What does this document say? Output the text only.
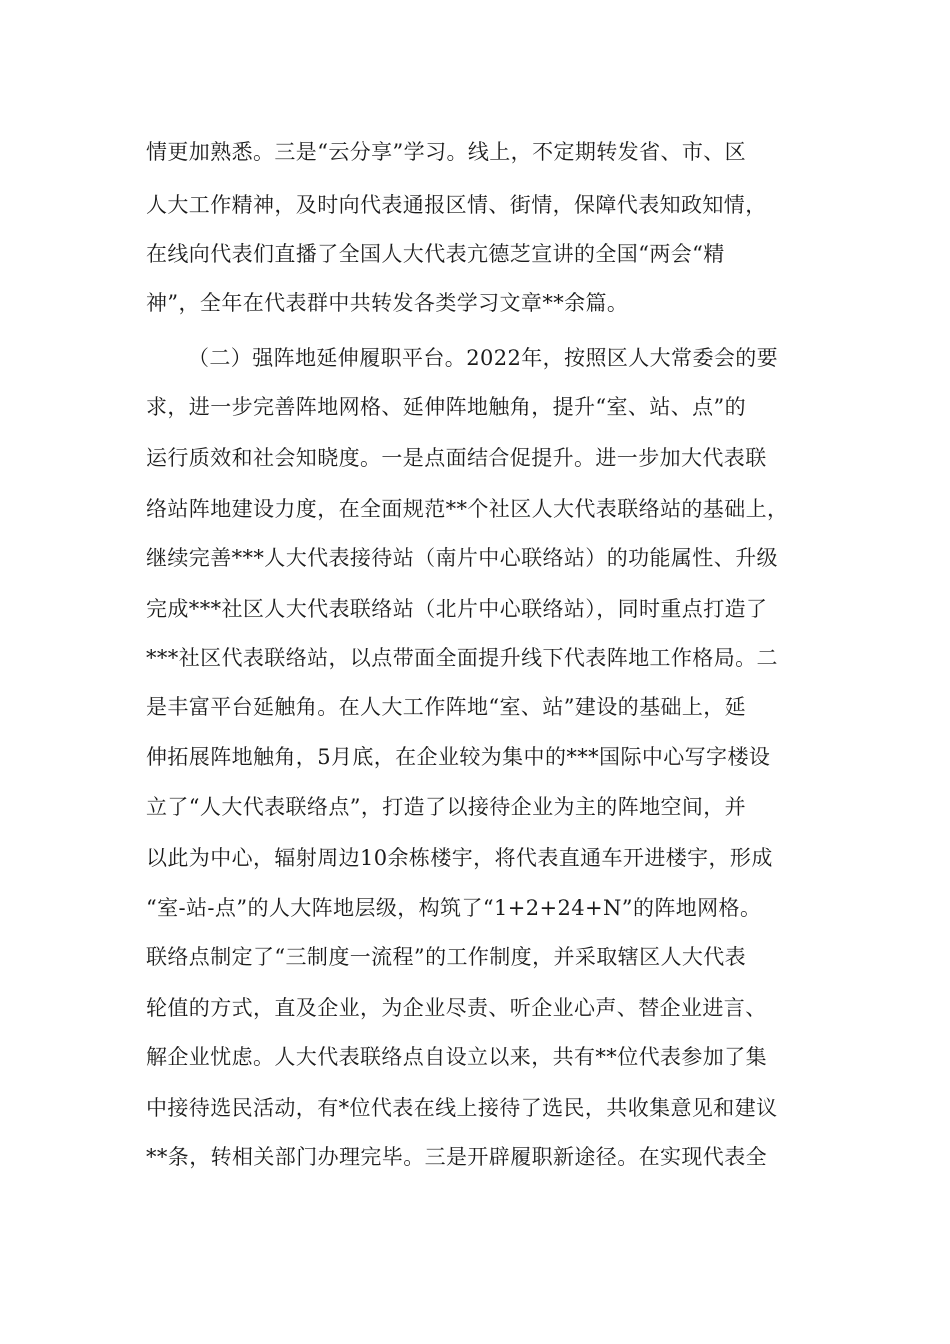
情更加熟悉。三是“云分享”学习。线上，不定期转发省、市、区
人大工作精神，及时向代表通报区情、街情，保障代表知政知情，
在线向代表们直播了全国人大代表亢德芝宣讲的全国“两会“精
神”，全年在代表群中共转发各类学习文章**余篇。
（二）强阵地延伸履职平台。2022年，按照区人大常委会的要
求，进一步完善阵地网格、延伸阵地触角，提升“室、站、点”的
运行质效和社会知晓度。一是点面结合促提升。进一步加大代表联
络站阵地建设力度，在全面规范**个社区人大代表联络站的基础上，
继续完善***人大代表接待站（南片中心联络站）的功能属性、升级
完成***社区人大代表联络站（北片中心联络站），同时重点打造了
***社区代表联络站，以点带面全面提升线下代表阵地工作格局。二
是丰富平台延触角。在人大工作阵地“室、站”建设的基础上，延
伸拓展阵地触角，5月底，在企业较为集中的***国际中心写字楼设
立了“人大代表联络点”，打造了以接待企业为主的阵地空间，并
以此为中心，辐射周边10余栋楼宇，将代表直通车开进楼宇，形成
“室-站-点”的人大阵地层级，构筑了“1+2+24+N”的阵地网格。
联络点制定了“三制度一流程”的工作制度，并采取辖区人大代表
轮值的方式，直及企业，为企业尽责、听企业心声、替企业进言、
解企业忧虑。人大代表联络点自设立以来，共有**位代表参加了集
中接待选民活动，有*位代表在线上接待了选民，共收集意见和建议
**条，转相关部门办理完毕。三是开辟履职新途径。在实现代表全
